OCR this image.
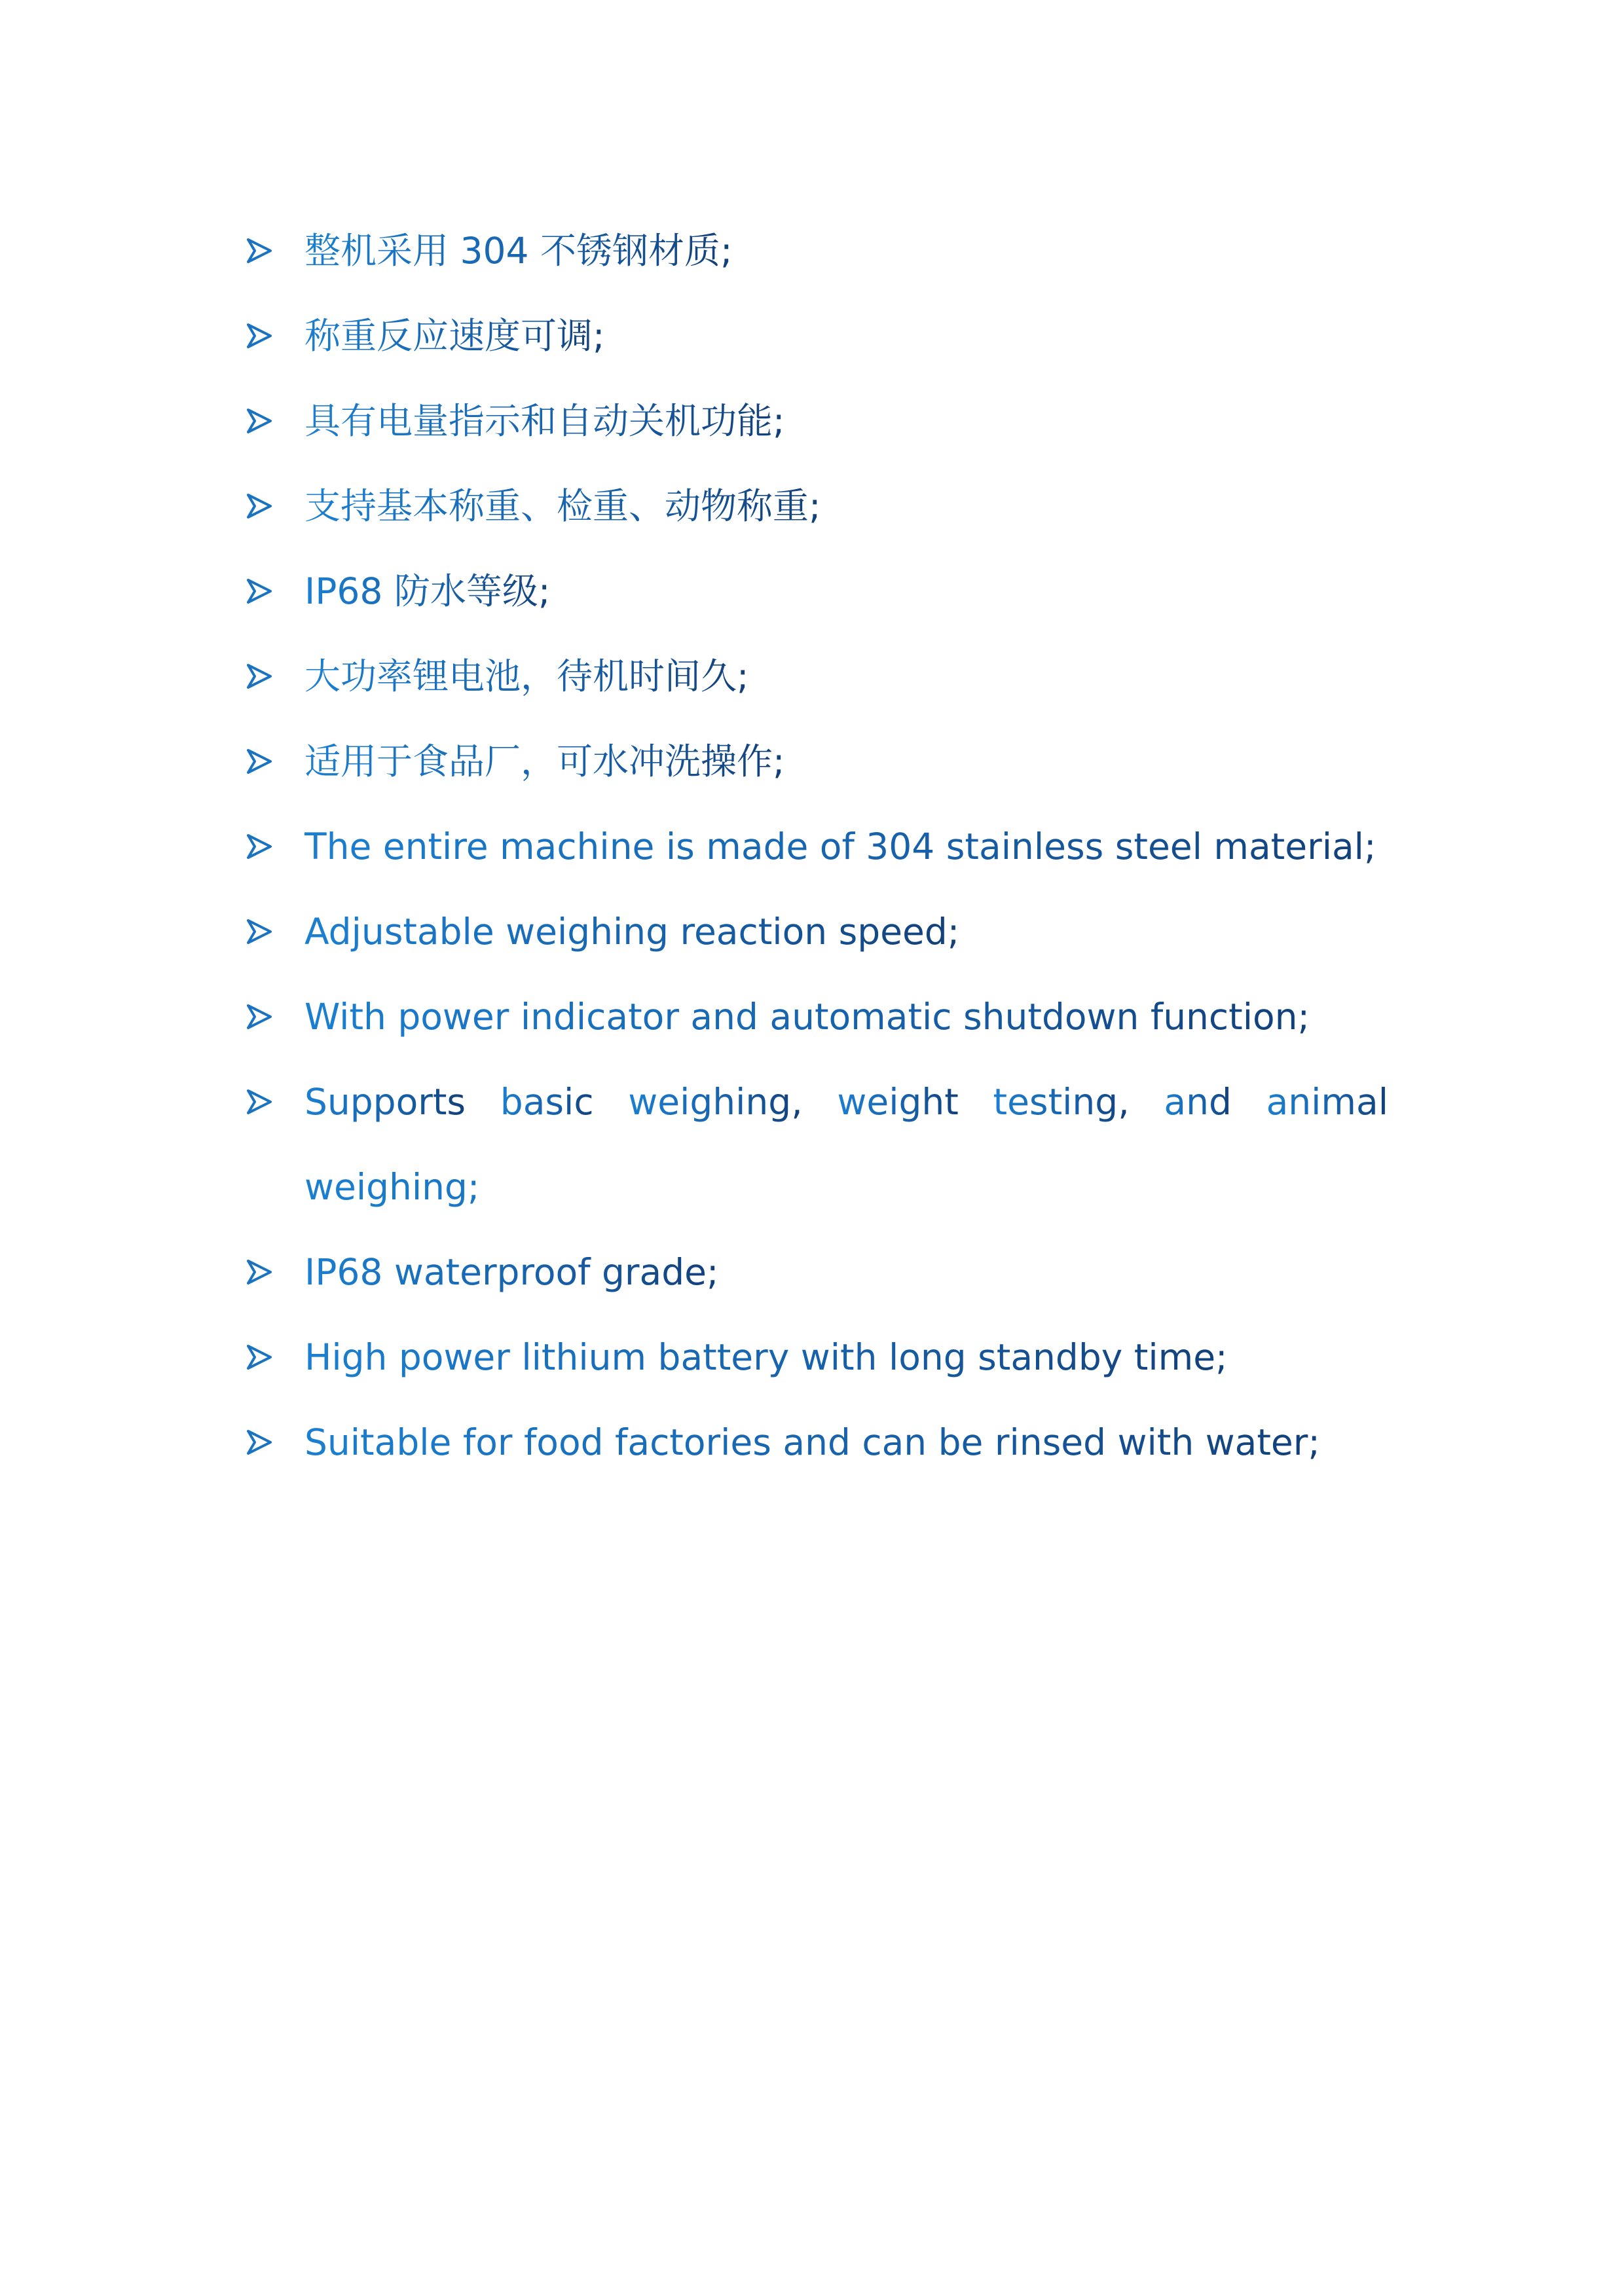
整机采用 304 不锈钢材质;
称重反应速度可调;
具有电量指示和自动关机功能;
支持基本称重、检重、动物称重;
IP68 防水等级;
大功率锂电池，待机时间久;
适用于食品厂，可水冲洗操作;
The entire machine is made of 304 stainless steel material;
Adjustable weighing reaction speed;
With power indicator and automatic shutdown function;
Supports basic weighing, weight testing, and animal
weighing;
IP68 waterproof grade;
High power lithium battery with long standby time;
Suitable for food factories and can be rinsed with water;
